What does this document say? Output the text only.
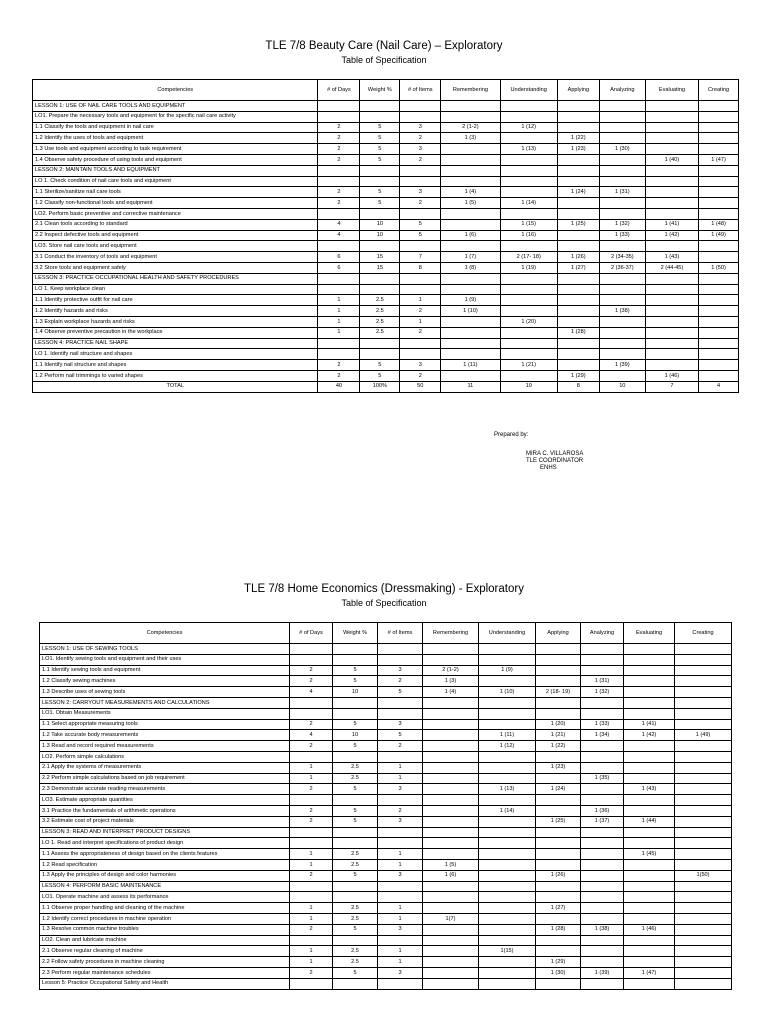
TLE 7/8 Beauty Care (Nail Care) – Exploratory
Table of Specification
Competencies	# of Days	Weight %	# of Items	Remembering	Understanding	Applying	Analyzing	Evaluating	Creating
LESSON 1: USE OF NAIL CARE TOOLS AND EQUIPMENT									
LO1. Prepare the necessary tools and equipment for the specific nail care activity									
1.1 Classify the tools and equipment in nail care	2	5	3	2 (1-2)	1 (12)				
1.2 Identify the uses of tools and equipment	2	5	2	1 (3)		1 (22)			
1.3 Use tools and equipment according to task requirement	2	5	3		1 (13)	1 (23)	1 (30)		
1.4 Observe safety procedure of using tools and equipment	2	5	2					1 (40)	1 (47)
LESSON 2: MAINTAIN TOOLS AND EQUIPMENT									
LO 1. Check condition of nail care tools and equipment									
1.1 Sterilize/sanitize nail care tools	2	5	3	1 (4)		1 (24)	1 (31)		
1.2 Classify non-functional tools and equipment	2	5	2	1 (5)	1 (14)				
LO2. Perform basic preventive and corrective maintenance									
2.1 Clean tools according to standard	4	10	5		1 (15)	1 (25)	1 (32)	1 (41)	1 (48)
2.2 Inspect defective tools and equipment	4	10	5	1 (6)	1 (16)		1 (33)	1 (42)	1 (49)
LO3. Store nail care tools and equipment									
3.1 Conduct the inventory of tools and equipment	6	15	7	1 (7)	2 (17- 18)	1 (26)	2 (34-35)	1 (43)	
3.2 Store tools and equipment safely	6	15	8	1 (8)	1 (19)	1 (27)	2 (36-37)	2 (44-45)	1 (50)
LESSON 3: PRACTICE OCCUPATIONAL HEALTH AND SAFETY PROCEDURES									
LO 1. Keep workplace clean									
1.1 Identify protective outfit for nail care	1	2.5	1	1 (9)					
1.2 Identify hazards and risks	1	2.5	2	1 (10)			1 (38)		
1.3 Explain workplace hazards and risks	1	2.5	1		1 (20)				
1.4 Observe preventive precaution in the workplace	1	2.5	2			1 (28)			
LESSON 4: PRACTICE NAIL SHAPE									
LO 1. Identify nail structure and shapes									
1.1 Identify nail structure and shapes	2	5	3	1 (11)	1 (21)		1 (39)		
1.2 Perform nail trimmings to varied shapes	2	5	2			1 (29)		1 (46)	
TOTAL	40	100%	50	11	10	8	10	7	4
Prepared by:
MIRA C. VILLAROSA
TLE COORDINATOR
ENHS
TLE 7/8 Home Economics (Dressmaking) - Exploratory
Table of Specification
Competencies	# of Days	Weight %	# of Items	Remembering	Understanding	Applying	Analyzing	Evaluating	Creating
LESSON 1: USE OF SEWING TOOLS									
LO1. Identify sewing tools and equipment and their uses									
1.1 Identify sewing tools and equipment	2	5	3	2 (1-2)	1 (9)				
1.2 Classify sewing machines	2	5	2	1 (3)			1 (31)		
1.3 Describe uses of sewing tools	4	10	5	1 (4)	1 (10)	2 (18- 19)	1 (32)		
LESSON 2: CARRYOUT MEASUREMENTS AND CALCULATIONS									
LO1. Obtain Measurements									
1.1 Select appropriate measuring tools	2	5	3			1 (20)	1 (33)	1 (41)	
1.2 Take accurate body measurements	4	10	5		1 (11)	1 (21)	1 (34)	1 (42)	1 (49)
1.3 Read and record required measurements	2	5	2		1 (12)	1 (22)			
LO2. Perform simple calculations									
2.1 Apply the systems of measurements	1	2.5	1			1 (23)			
2.2 Perform simple calculations based on job requirement	1	2.5	1				1 (35)		
2.3 Demonstrate accurate reading measurements	2	5	3		1 (13)	1 (24)		1 (43)	
LO3. Estimate appropriate quantities									
3.1 Practice the fundamentals of arithmetic operations	2	5	2		1 (14)		1 (36)		
3.2 Estimate cost of project materials	2	5	3			1 (25)	1 (37)	1 (44)	
LESSON 3: READ AND INTERPRET PRODUCT DESIGNS									
LO 1. Read and interpret specifications of product design									
1.1 Assess the appropriateness of design based on the clients features	1	2.5	1					1 (45)	
1.2 Read specification	1	2.5	1	1 (5)					
1.3 Apply the principles of design and color harmonies	2	5	3	1 (6)		1 (26)			1(50)
LESSON 4: PERFORM BASIC MAINTENANCE									
LO1. Operate machine and assess its performance									
1.1 Observe proper handling and cleaning of the machine	1	2.5	1			1 (27)			
1.2 Identify correct procedures in machine operation	1	2.5	1	1(7)					
1.3 Resolve common machine troubles	2	5	3			1 (28)	1 (38)	1 (46)	
LO2. Clean and lubricate machine									
2.1 Observe regular cleaning of machine	1	2.5	1		1(15)				
2.2 Follow safety procedures in machine cleaning	1	2.5	1			1 (29)			
2.3 Perform regular maintenance schedules	2	5	3			1 (30)	1 (39)	1 (47)	
Lesson 5: Practice Occupational Safety and Health									
